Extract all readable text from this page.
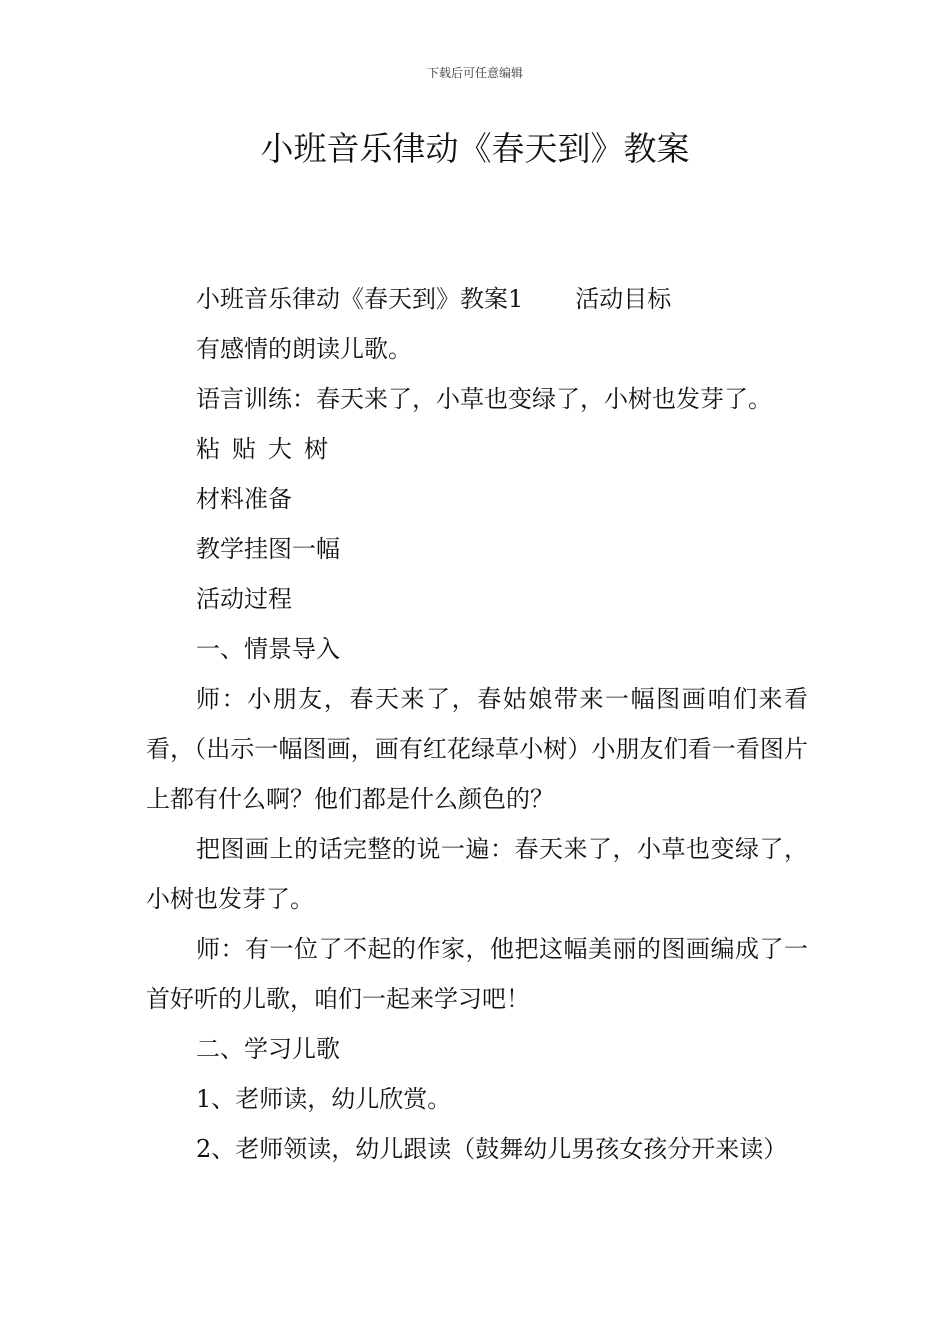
下载后可任意编辑
小班音乐律动《春天到》教案

小班音乐律动《春天到》教案1 活动目标

有感情的朗读儿歌。

语言训练：春天来了，小草也变绿了，小树也发芽了。

粘贴大树

材料准备

教学挂图一幅

活动过程

一、情景导入

师：小朋友，春天来了，春姑娘带来一幅图画咱们来看看，（出示一幅图画，画有红花绿草小树）小朋友们看一看图片上都有什么啊？他们都是什么颜色的？

把图画上的话完整的说一遍：春天来了，小草也变绿了，小树也发芽了。

师：有一位了不起的作家，他把这幅美丽的图画编成了一首好听的儿歌，咱们一起来学习吧！

二、学习儿歌

1、老师读，幼儿欣赏。

2、老师领读，幼儿跟读（鼓舞幼儿男孩女孩分开来读）
